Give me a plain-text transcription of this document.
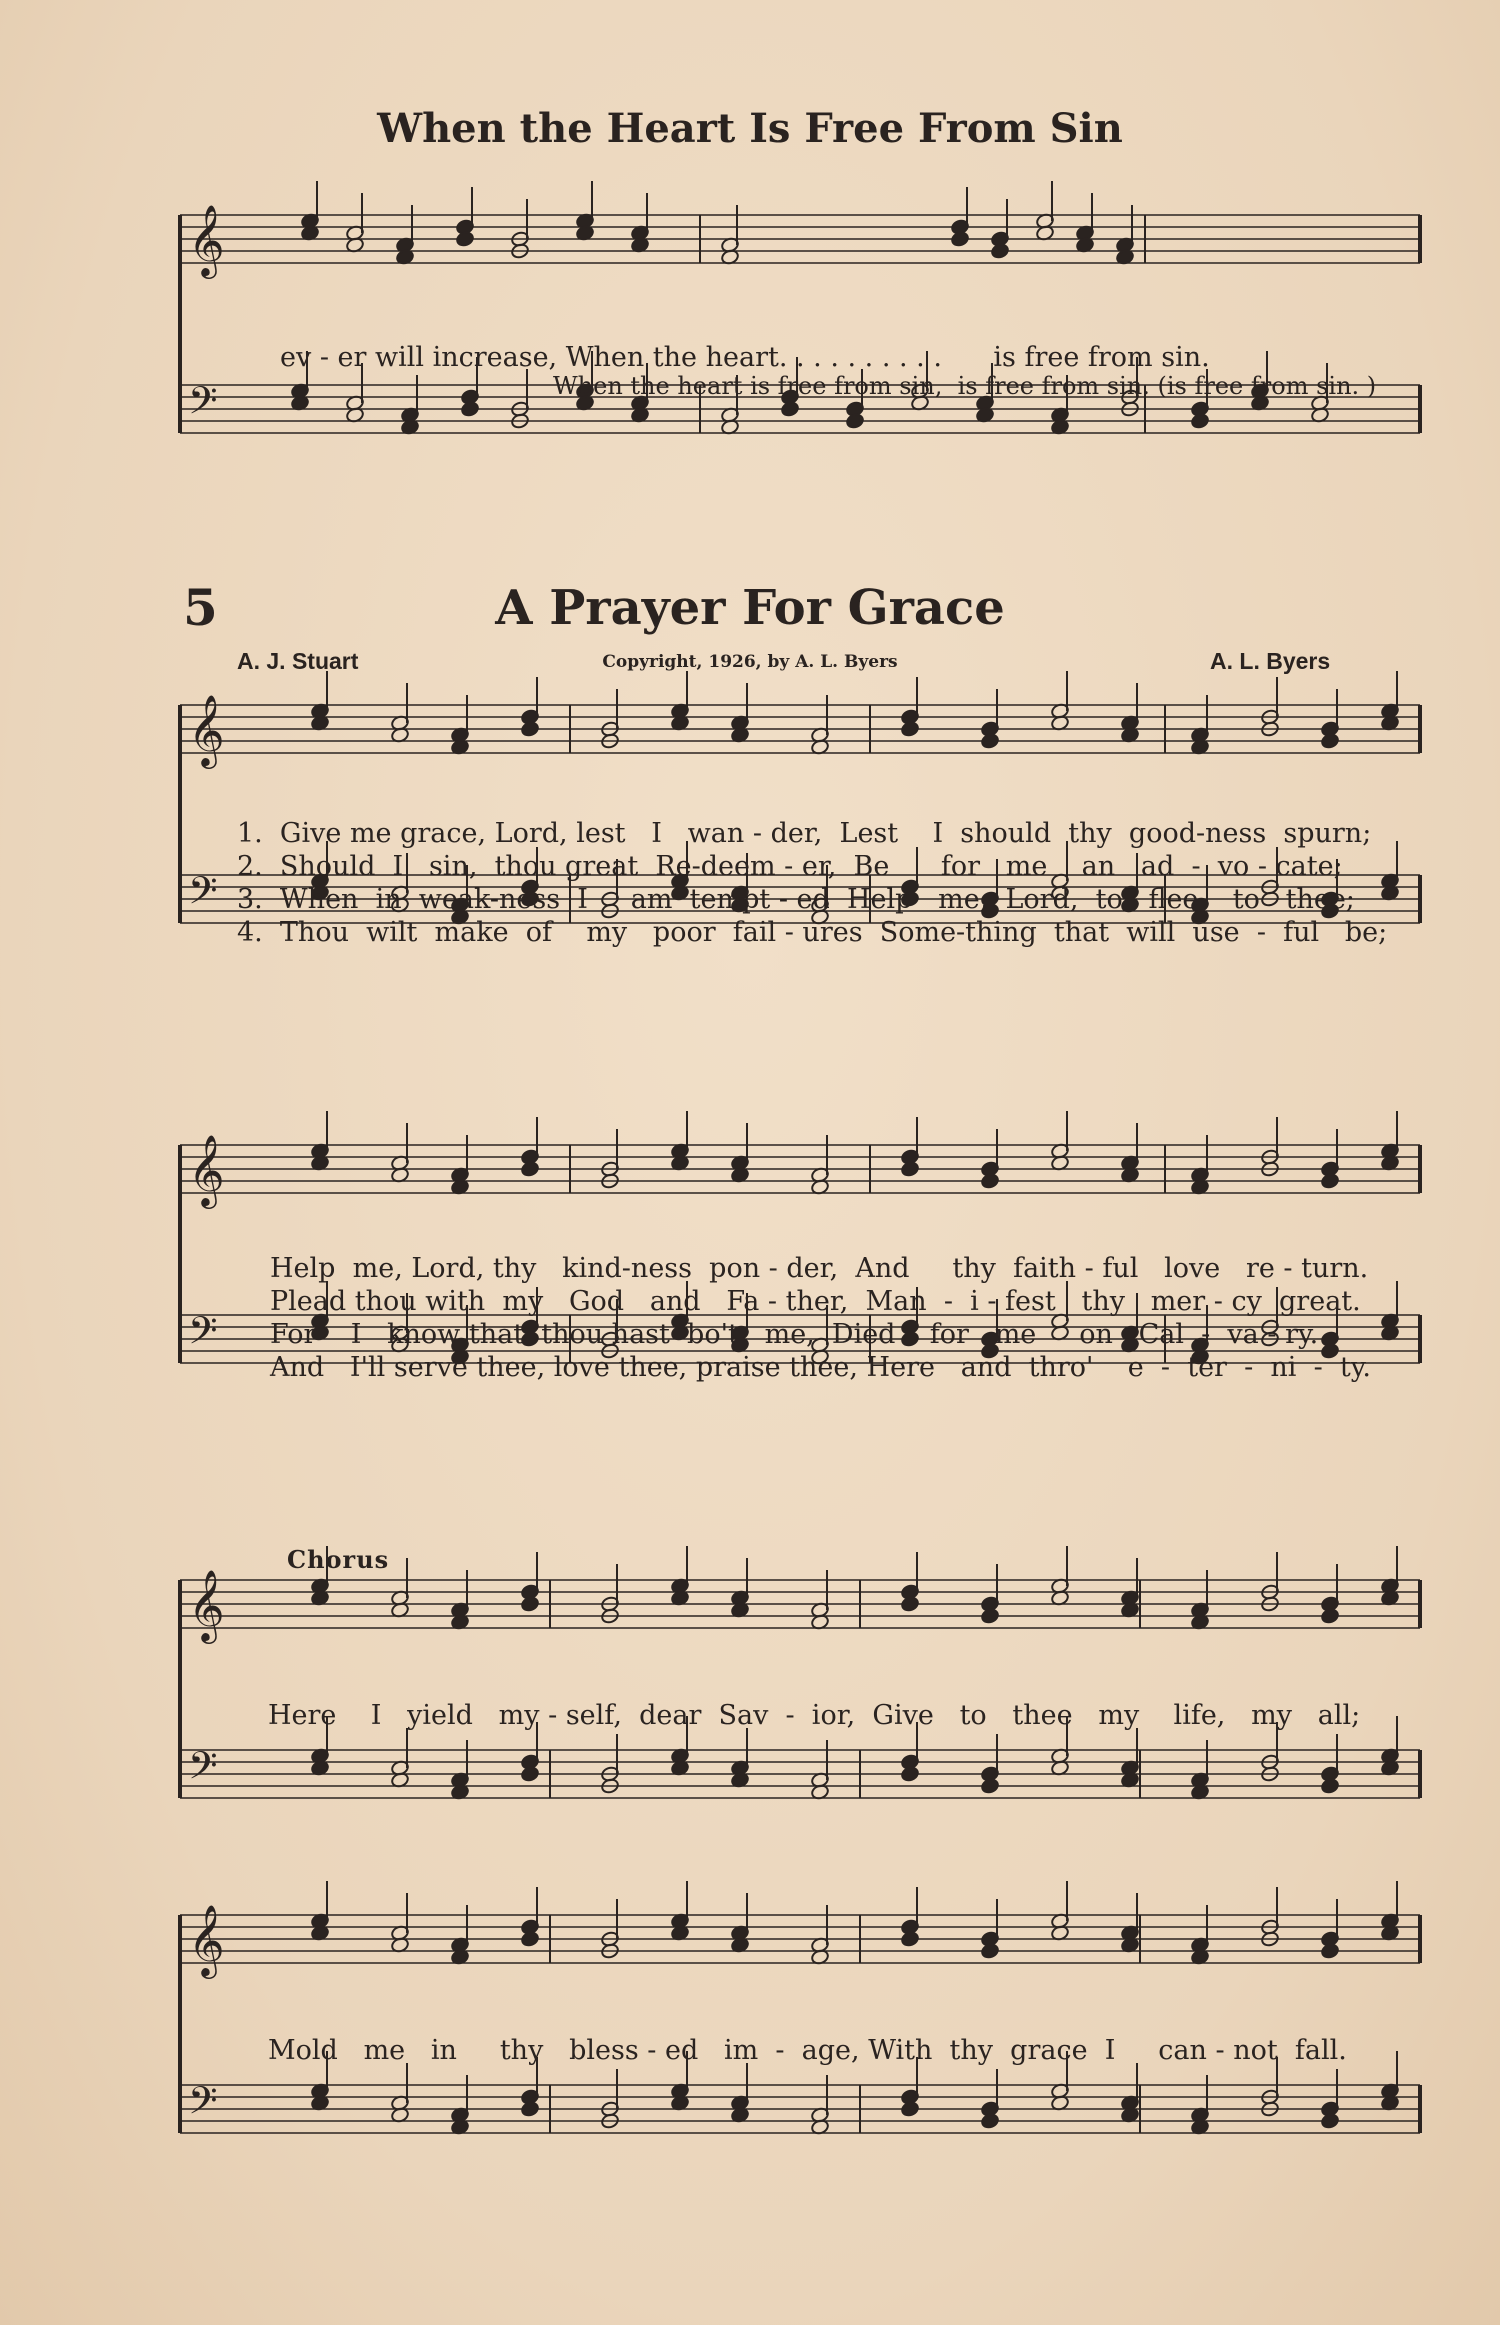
𝄞
𝄢
𝄞
𝄢
𝄞
𝄢
𝄞
𝄢
𝄞
𝄢
When the Heart Is Free From Sin
ev - er will increase, When the heart. . . . . . . . . .      is free from sin.
When the heart is free from sin,  is free from sin. (is free from sin. )
5	A Prayer For Grace
A. J. Stuart	Copyright, 1926, by A. L. Byers	A. L. Byers
1.  Give me grace, Lord, lest   I   wan - der,  Lest    I  should  thy  good-ness  spurn;
2.  Should  I   sin,  thou great  Re-deem - er,  Be      for   me    an   ad  -  vo - cate;
3.  When  in  weak-ness  I     am  tempt - ed  Help   me,  Lord,  to   flee    to   thee;
4.  Thou  wilt  make  of    my   poor  fail - ures  Some-thing  that  will  use  -  ful   be;
Help  me, Lord, thy   kind-ness  pon - der,  And     thy  faith - ful   love   re - turn.
Plead thou with  my   God   and   Fa - ther,  Man  -  i - fest   thy   mer - cy  great.
For    I   know that  thou hast  bo't   me,  Died    for   me     on   Cal  -  va - ry.
And   I'll serve thee, love thee, praise thee, Here   and  thro'    e  -  ter  -  ni  -  ty.
Chorus
Here    I   yield   my - self,  dear  Sav  -  ior,  Give   to   thee   my    life,   my   all;
Mold   me   in     thy   bless - ed   im  -  age, With  thy  grace  I     can - not  fall.
